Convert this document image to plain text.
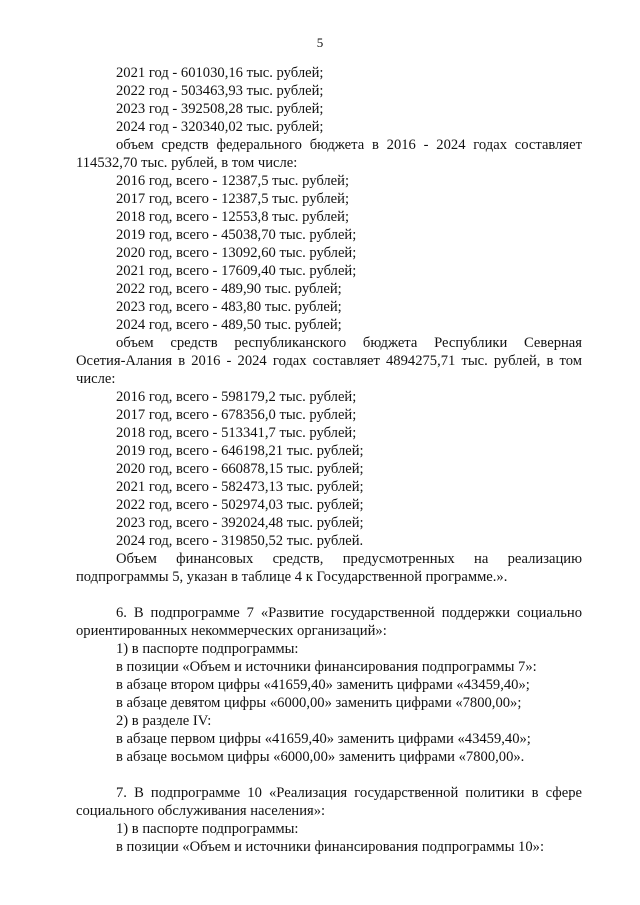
5
2021 год - 601030,16 тыс. рублей;
2022 год - 503463,93 тыс. рублей;
2023 год - 392508,28 тыс. рублей;
2024 год - 320340,02 тыс. рублей;
объем средств федерального бюджета в 2016 - 2024 годах составляет
114532,70 тыс. рублей, в том числе:
2016 год, всего - 12387,5 тыс. рублей;
2017 год, всего - 12387,5 тыс. рублей;
2018 год, всего - 12553,8 тыс. рублей;
2019 год, всего - 45038,70 тыс. рублей;
2020 год, всего - 13092,60 тыс. рублей;
2021 год, всего - 17609,40 тыс. рублей;
2022 год, всего - 489,90 тыс. рублей;
2023 год, всего - 483,80 тыс. рублей;
2024 год, всего - 489,50 тыс. рублей;
объем средств республиканского бюджета Республики Северная
Осетия-Алания в 2016 - 2024 годах составляет 4894275,71 тыс. рублей, в том
числе:
2016 год, всего - 598179,2 тыс. рублей;
2017 год, всего - 678356,0 тыс. рублей;
2018 год, всего - 513341,7 тыс. рублей;
2019 год, всего - 646198,21 тыс. рублей;
2020 год, всего - 660878,15 тыс. рублей;
2021 год, всего - 582473,13 тыс. рублей;
2022 год, всего - 502974,03 тыс. рублей;
2023 год, всего - 392024,48 тыс. рублей;
2024 год, всего - 319850,52 тыс. рублей.
Объем финансовых средств, предусмотренных на реализацию
подпрограммы 5, указан в таблице 4 к Государственной программе.».
6. В подпрограмме 7 «Развитие государственной поддержки социально
ориентированных некоммерческих организаций»:
1) в паспорте подпрограммы:
в позиции «Объем и источники финансирования подпрограммы 7»:
в абзаце втором цифры «41659,40» заменить цифрами «43459,40»;
в абзаце девятом цифры «6000,00» заменить цифрами «7800,00»;
2) в разделе IV:
в абзаце первом цифры «41659,40» заменить цифрами «43459,40»;
в абзаце восьмом цифры «6000,00» заменить цифрами «7800,00».
7. В подпрограмме 10 «Реализация государственной политики в сфере
социального обслуживания населения»:
1) в паспорте подпрограммы:
в позиции «Объем и источники финансирования подпрограммы 10»:
